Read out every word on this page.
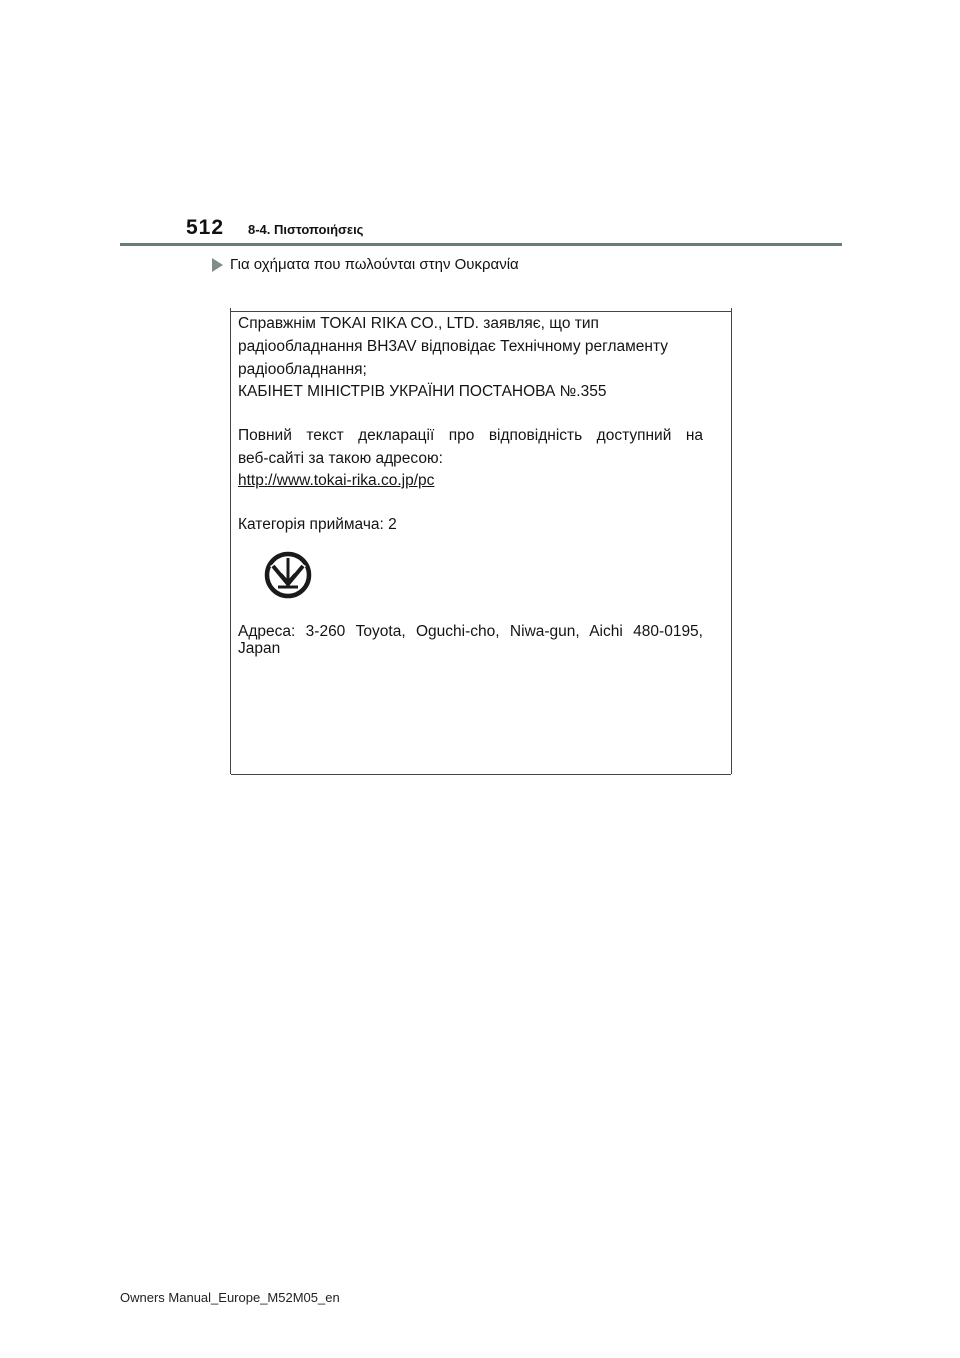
512 8-4. Πιστοποιήσεις
Για οχήματα που πωλούνται στην Ουκρανία
Справжнім TOKAI RIKA CO., LTD. заявляє, що тип
радіообладнання BH3AV відповідає Технічному регламенту
радіообладнання;
КАБІНЕТ МІНІСТРІВ УКРАЇНИ ПОСТАНОВА №.355
Повний текст декларації про відповідність доступний на
веб-сайті за такою адресою:
http://www.tokai-rika.co.jp/pc
Категорія приймача: 2
Адреса: 3-260 Toyota, Oguchi-cho, Niwa-gun, Aichi 480-0195,
Japan
Owners Manual_Europe_M52M05_en
